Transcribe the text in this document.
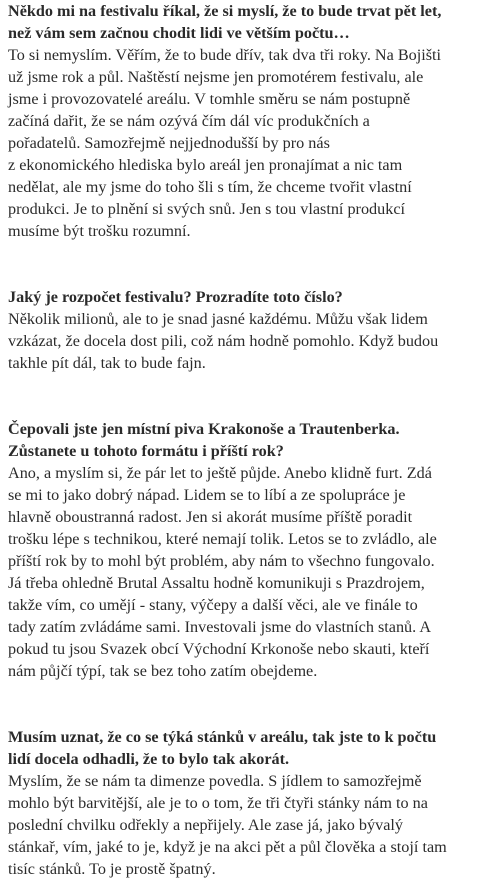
Někdo mi na festivalu říkal, že si myslí, že to bude trvat pět let,
než vám sem začnou chodit lidi ve větším počtu…

To si nemyslím. Věřím, že to bude dřív, tak dva tři roky. Na Bojišti
už jsme rok a půl. Naštěstí nejsme jen promotérem festivalu, ale
jsme i provozovatelé areálu. V tomhle směru se nám postupně
začíná dařit, že se nám ozývá čím dál víc produkčních a
pořadatelů. Samozřejmě nejjednodušší by pro nás
z ekonomického hlediska bylo areál jen pronajímat a nic tam
nedělat, ale my jsme do toho šli s tím, že chceme tvořit vlastní
produkci. Je to plnění si svých snů. Jen s tou vlastní produkcí
musíme být trošku rozumní.

Jaký je rozpočet festivalu? Prozradíte toto číslo?

Několik milionů, ale to je snad jasné každému. Můžu však lidem
vzkázat, že docela dost pili, což nám hodně pomohlo. Když budou
takhle pít dál, tak to bude fajn.

Čepovali jste jen místní piva Krakonoše a Trautenberka.
Zůstanete u tohoto formátu i příští rok?

Ano, a myslím si, že pár let to ještě půjde. Anebo klidně furt. Zdá
se mi to jako dobrý nápad. Lidem se to líbí a ze spolupráce je
hlavně oboustranná radost. Jen si akorát musíme příště poradit
trošku lépe s technikou, které nemají tolik. Letos se to zvládlo, ale
příští rok by to mohl být problém, aby nám to všechno fungovalo.
Já třeba ohledně Brutal Assaltu hodně komunikuji s Prazdrojem,
takže vím, co umějí - stany, výčepy a další věci, ale ve finále to
tady zatím zvládáme sami. Investovali jsme do vlastních stanů. A
pokud tu jsou Svazek obcí Východní Krkonoše nebo skauti, kteří
nám půjčí týpí, tak se bez toho zatím obejdeme.

Musím uznat, že co se týká stánků v areálu, tak jste to k počtu
lidí docela odhadli, že to bylo tak akorát.

Myslím, že se nám ta dimenze povedla. S jídlem to samozřejmě
mohlo být barvitější, ale je to o tom, že tři čtyři stánky nám to na
poslední chvilku odřekly a nepřijely. Ale zase já, jako bývalý
stánkař, vím, jaké to je, když je na akci pět a půl člověka a stojí tam
tisíc stánků. To je prostě špatný.
